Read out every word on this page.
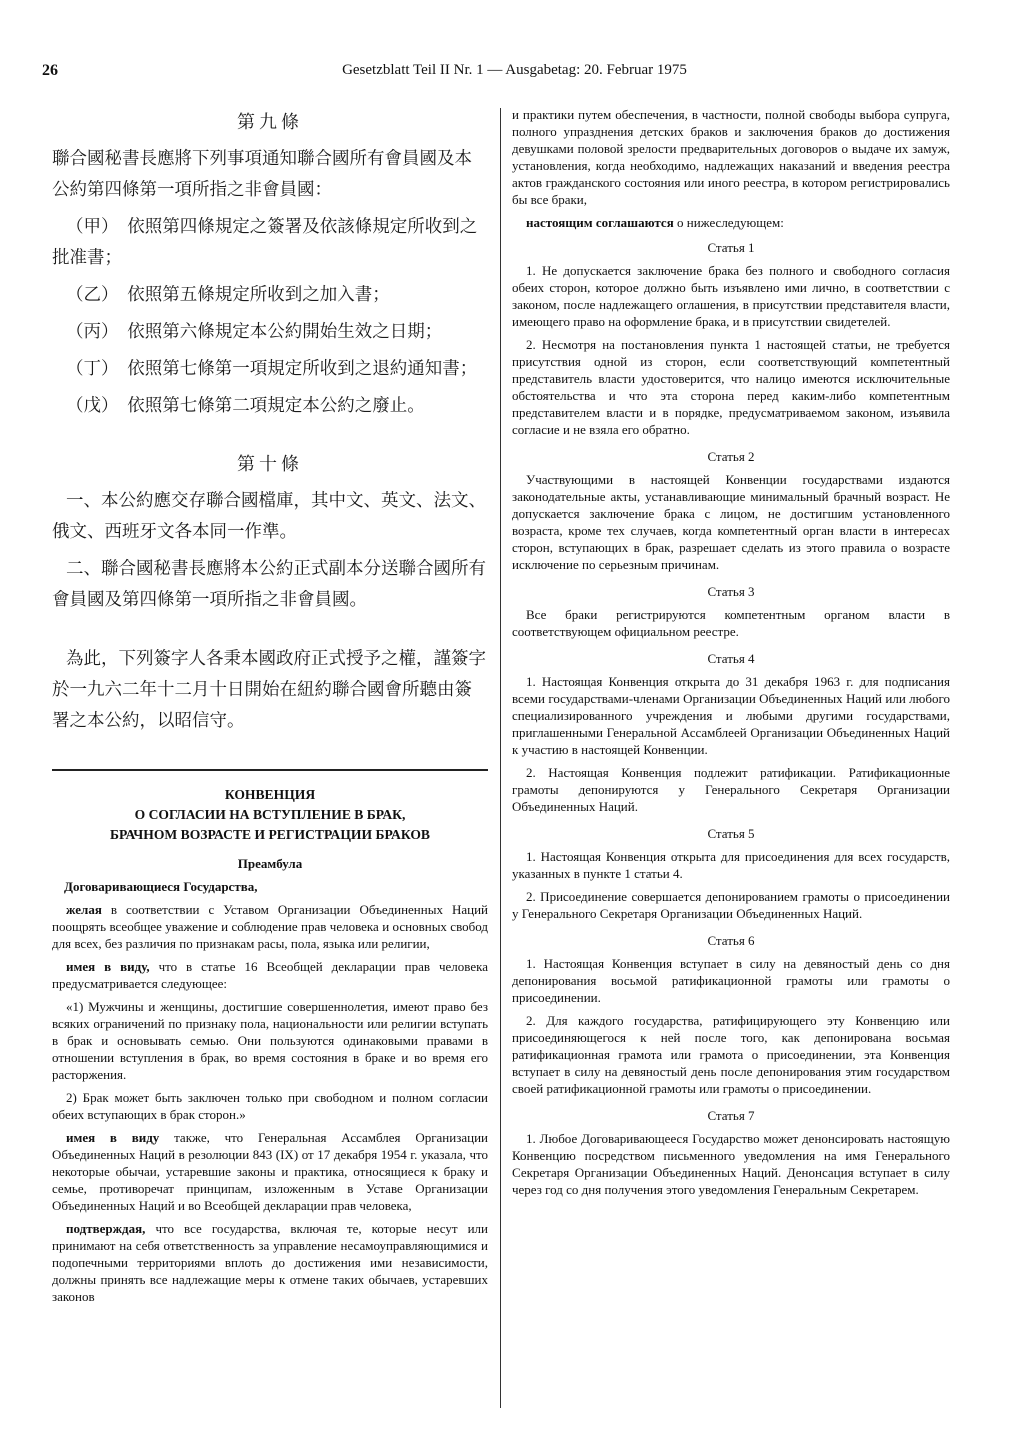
26	Gesetzblatt Teil II Nr. 1 — Ausgabetag: 20. Februar 1975
第九條

聯合國秘書長應將下列事項通知聯合國所有會員國及本公約第四條第一項所指之非會員國：

（甲）　依照第四條規定之簽署及依該條規定所收到之批准書；

（乙）　依照第五條規定所收到之加入書；

（丙）　依照第六條規定本公約開始生效之日期；

（丁）　依照第七條第一項規定所收到之退約通知書；

（戊）　依照第七條第二項規定本公約之廢止。

第十條

一、本公約應交存聯合國檔庫，其中文、英文、法文、俄文、西班牙文各本同一作準。

二、聯合國秘書長應將本公約正式副本分送聯合國所有會員國及第四條第一項所指之非會員國。

為此，下列簽字人各秉本國政府正式授予之權，謹簽字於一九六二年十二月十日開始在紐約聯合國會所聽由簽署之本公約，以昭信守。

КОНВЕНЦИЯ
О СОГЛАСИИ НА ВСТУПЛЕНИЕ В БРАК,
БРАЧНОМ ВОЗРАСТЕ И РЕГИСТРАЦИИ БРАКОВ
Преамбула
Договаривающиеся Государства,

желая в соответствии с Уставом Организации Объединенных Наций поощрять всеобщее уважение и соблюдение прав человека и основных свобод для всех, без различия по признакам расы, пола, языка или религии,

имея в виду, что в статье 16 Всеобщей декларации прав человека предусматривается следующее:

«1) Мужчины и женщины, достигшие совершеннолетия, имеют право без всяких ограничений по признаку пола, национальности или религии вступать в брак и основывать семью. Они пользуются одинаковыми правами в отношении вступления в брак, во время состояния в браке и во время его расторжения.

2) Брак может быть заключен только при свободном и полном согласии обеих вступающих в брак сторон.»

имея в виду также, что Генеральная Ассамблея Организации Объединенных Наций в резолюции 843 (IX) от 17 декабря 1954 г. указала, что некоторые обычаи, устаревшие законы и практика, относящиеся к браку и семье, противоречат принципам, изложенным в Уставе Организации Объединенных Наций и во Всеобщей декларации прав человека,

подтверждая, что все государства, включая те, которые несут или принимают на себя ответственность за управление несамоуправляющимися и подопечными территориями вплоть до достижения ими независимости, должны принять все надлежащие меры к отмене таких обычаев, устаревших законов

и практики путем обеспечения, в частности, полной свободы выбора супруга, полного упразднения детских браков и заключения браков до достижения девушками половой зрелости предварительных договоров о выдаче их замуж, установления, когда необходимо, надлежащих наказаний и введения реестра актов гражданского состояния или иного реестра, в котором регистрировались бы все браки,

настоящим соглашаются о нижеследующем:

Статья 1

1. Не допускается заключение брака без полного и свободного согласия обеих сторон, которое должно быть изъявлено ими лично, в соответствии с законом, после надлежащего оглашения, в присутствии представителя власти, имеющего право на оформление брака, и в присутствии свидетелей.

2. Несмотря на постановления пункта 1 настоящей статьи, не требуется присутствия одной из сторон, если соответствующий компетентный представитель власти удостоверится, что налицо имеются исключительные обстоятельства и что эта сторона перед каким-либо компетентным представителем власти и в порядке, предусматриваемом законом, изъявила согласие и не взяла его обратно.

Статья 2

Участвующими в настоящей Конвенции государствами издаются законодательные акты, устанавливающие минимальный брачный возраст. Не допускается заключение брака с лицом, не достигшим установленного возраста, кроме тех случаев, когда компетентный орган власти в интересах сторон, вступающих в брак, разрешает сделать из этого правила о возрасте исключение по серьезным причинам.

Статья 3

Все браки регистрируются компетентным органом власти в соответствующем официальном реестре.

Статья 4

1. Настоящая Конвенция открыта до 31 декабря 1963 г. для подписания всеми государствами-членами Организации Объединенных Наций или любого специализированного учреждения и любыми другими государствами, приглашенными Генеральной Ассамблеей Организации Объединенных Наций к участию в настоящей Конвенции.

2. Настоящая Конвенция подлежит ратификации. Ратификационные грамоты депонируются у Генерального Секретаря Организации Объединенных Наций.

Статья 5

1. Настоящая Конвенция открыта для присоединения для всех государств, указанных в пункте 1 статьи 4.

2. Присоединение совершается депонированием грамоты о присоединении у Генерального Секретаря Организации Объединенных Наций.

Статья 6

1. Настоящая Конвенция вступает в силу на девяностый день со дня депонирования восьмой ратификационной грамоты или грамоты о присоединении.

2. Для каждого государства, ратифицирующего эту Конвенцию или присоединяющегося к ней после того, как депонирована восьмая ратификационная грамота или грамота о присоединении, эта Конвенция вступает в силу на девяностый день после депонирования этим государством своей ратификационной грамоты или грамоты о присоединении.

Статья 7

1. Любое Договаривающееся Государство может денонсировать настоящую Конвенцию посредством письменного уведомления на имя Генерального Секретаря Организации Объединенных Наций. Денонсация вступает в силу через год со дня получения этого уведомления Генеральным Секретарем.
